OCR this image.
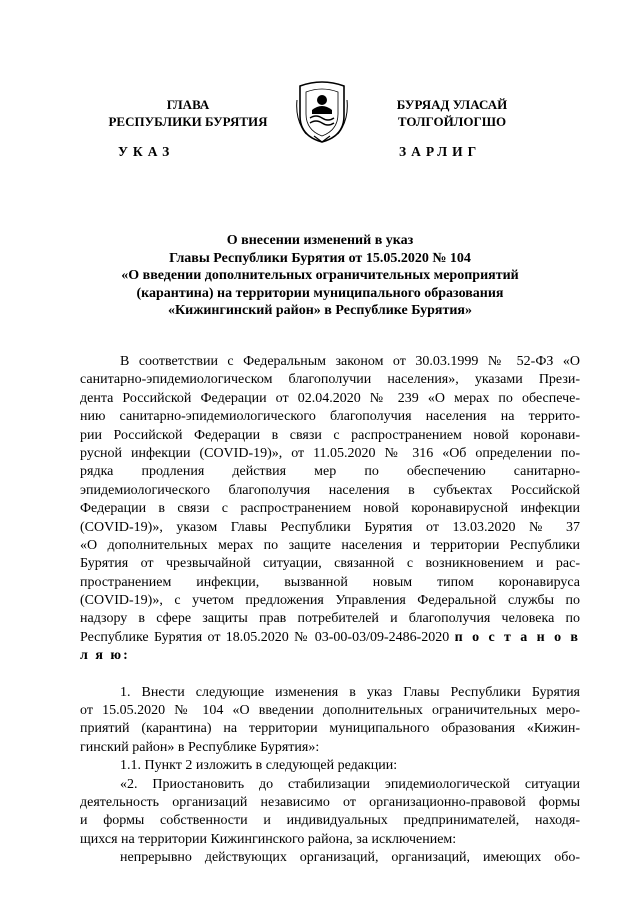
ГЛАВА
РЕСПУБЛИКИ БУРЯТИЯ
БУРЯАД УЛАСАЙ
ТОЛГОЙЛОГШО
УКАЗ	ЗАРЛИГ
О внесении изменений в указ
Главы Республики Бурятия от 15.05.2020 № 104
«О введении дополнительных ограничительных мероприятий
(карантина) на территории муниципального образования
«Кижингинский район» в Республике Бурятия»
В соответствии с Федеральным законом от 30.03.1999 № 52-ФЗ «О
санитарно-эпидемиологическом благополучии населения», указами Прези-
дента Российской Федерации от 02.04.2020 № 239 «О мерах по обеспече-
нию санитарно-эпидемиологического благополучия населения на террито-
рии Российской Федерации в связи с распространением новой коронави-
русной инфекции (COVID-19)», от 11.05.2020 № 316 «Об определении по-
рядка продления действия мер по обеспечению санитарно-
эпидемиологического благополучия населения в субъектах Российской
Федерации в связи с распространением новой коронавирусной инфекции
(COVID-19)», указом Главы Республики Бурятия от 13.03.2020 № 37
«О дополнительных мерах по защите населения и территории Республики
Бурятия от чрезвычайной ситуации, связанной с возникновением и рас-
пространением инфекции, вызванной новым типом коронавируса
(COVID-19)», с учетом предложения Управления Федеральной службы по
надзору в сфере защиты прав потребителей и благополучия человека по
Республике Бурятия от 18.05.2020 № 03-00-03/09-2486-2020 п о с т а н о в
л я ю:
1. Внести следующие изменения в указ Главы Республики Бурятия
от 15.05.2020 № 104 «О введении дополнительных ограничительных меро-
приятий (карантина) на территории муниципального образования «Кижин-
гинский район» в Республике Бурятия»:
1.1. Пункт 2 изложить в следующей редакции:
«2. Приостановить до стабилизации эпидемиологической ситуации
деятельность организаций независимо от организационно-правовой формы
и формы собственности и индивидуальных предпринимателей, находя-
щихся на территории Кижингинского района, за исключением:
непрерывно действующих организаций, организаций, имеющих обо-
